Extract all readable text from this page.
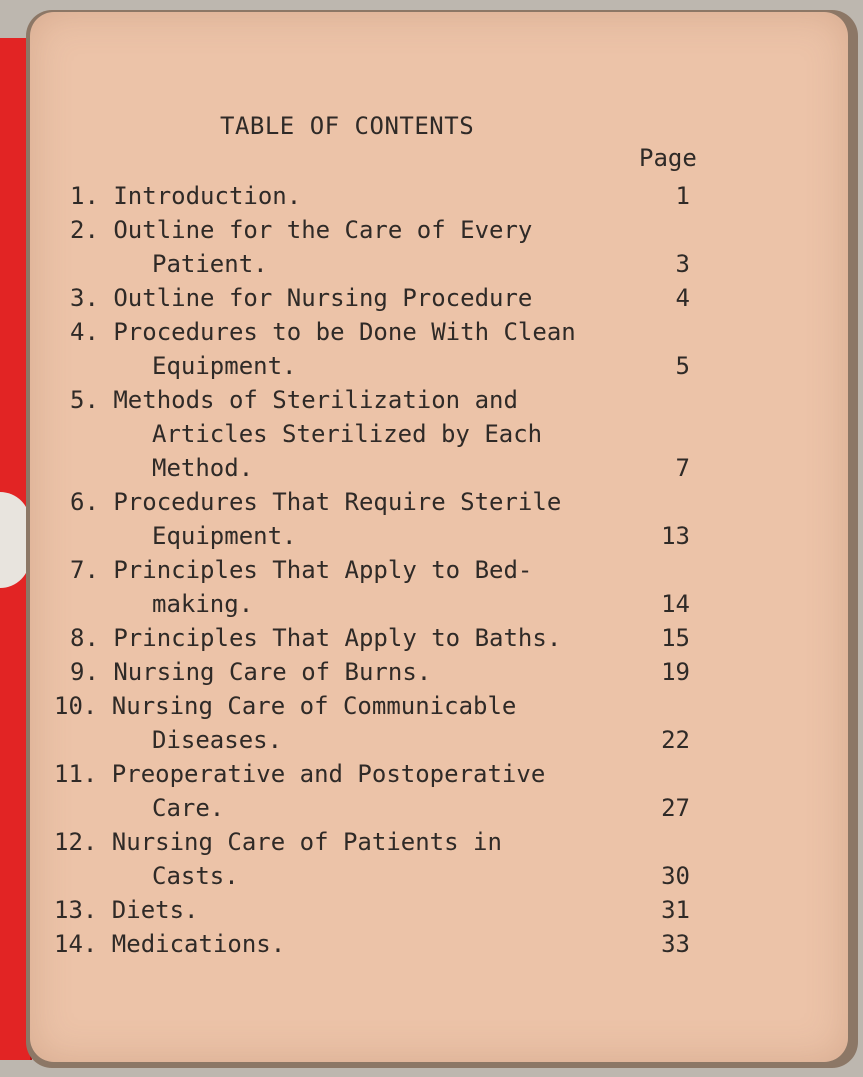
TABLE OF CONTENTS
Page
1. Introduction.	1
2. Outline for the Care of Every
Patient.	3
3. Outline for Nursing Procedure	4
4. Procedures to be Done With Clean
Equipment.	5
5. Methods of Sterilization and
Articles Sterilized by Each
Method.	7
6. Procedures That Require Sterile
Equipment.	13
7. Principles That Apply to Bed-
making.	14
8. Principles That Apply to Baths.	15
9. Nursing Care of Burns.	19
10. Nursing Care of Communicable
Diseases.	22
11. Preoperative and Postoperative
Care.	27
12. Nursing Care of Patients in
Casts.	30
13. Diets.	31
14. Medications.	33
